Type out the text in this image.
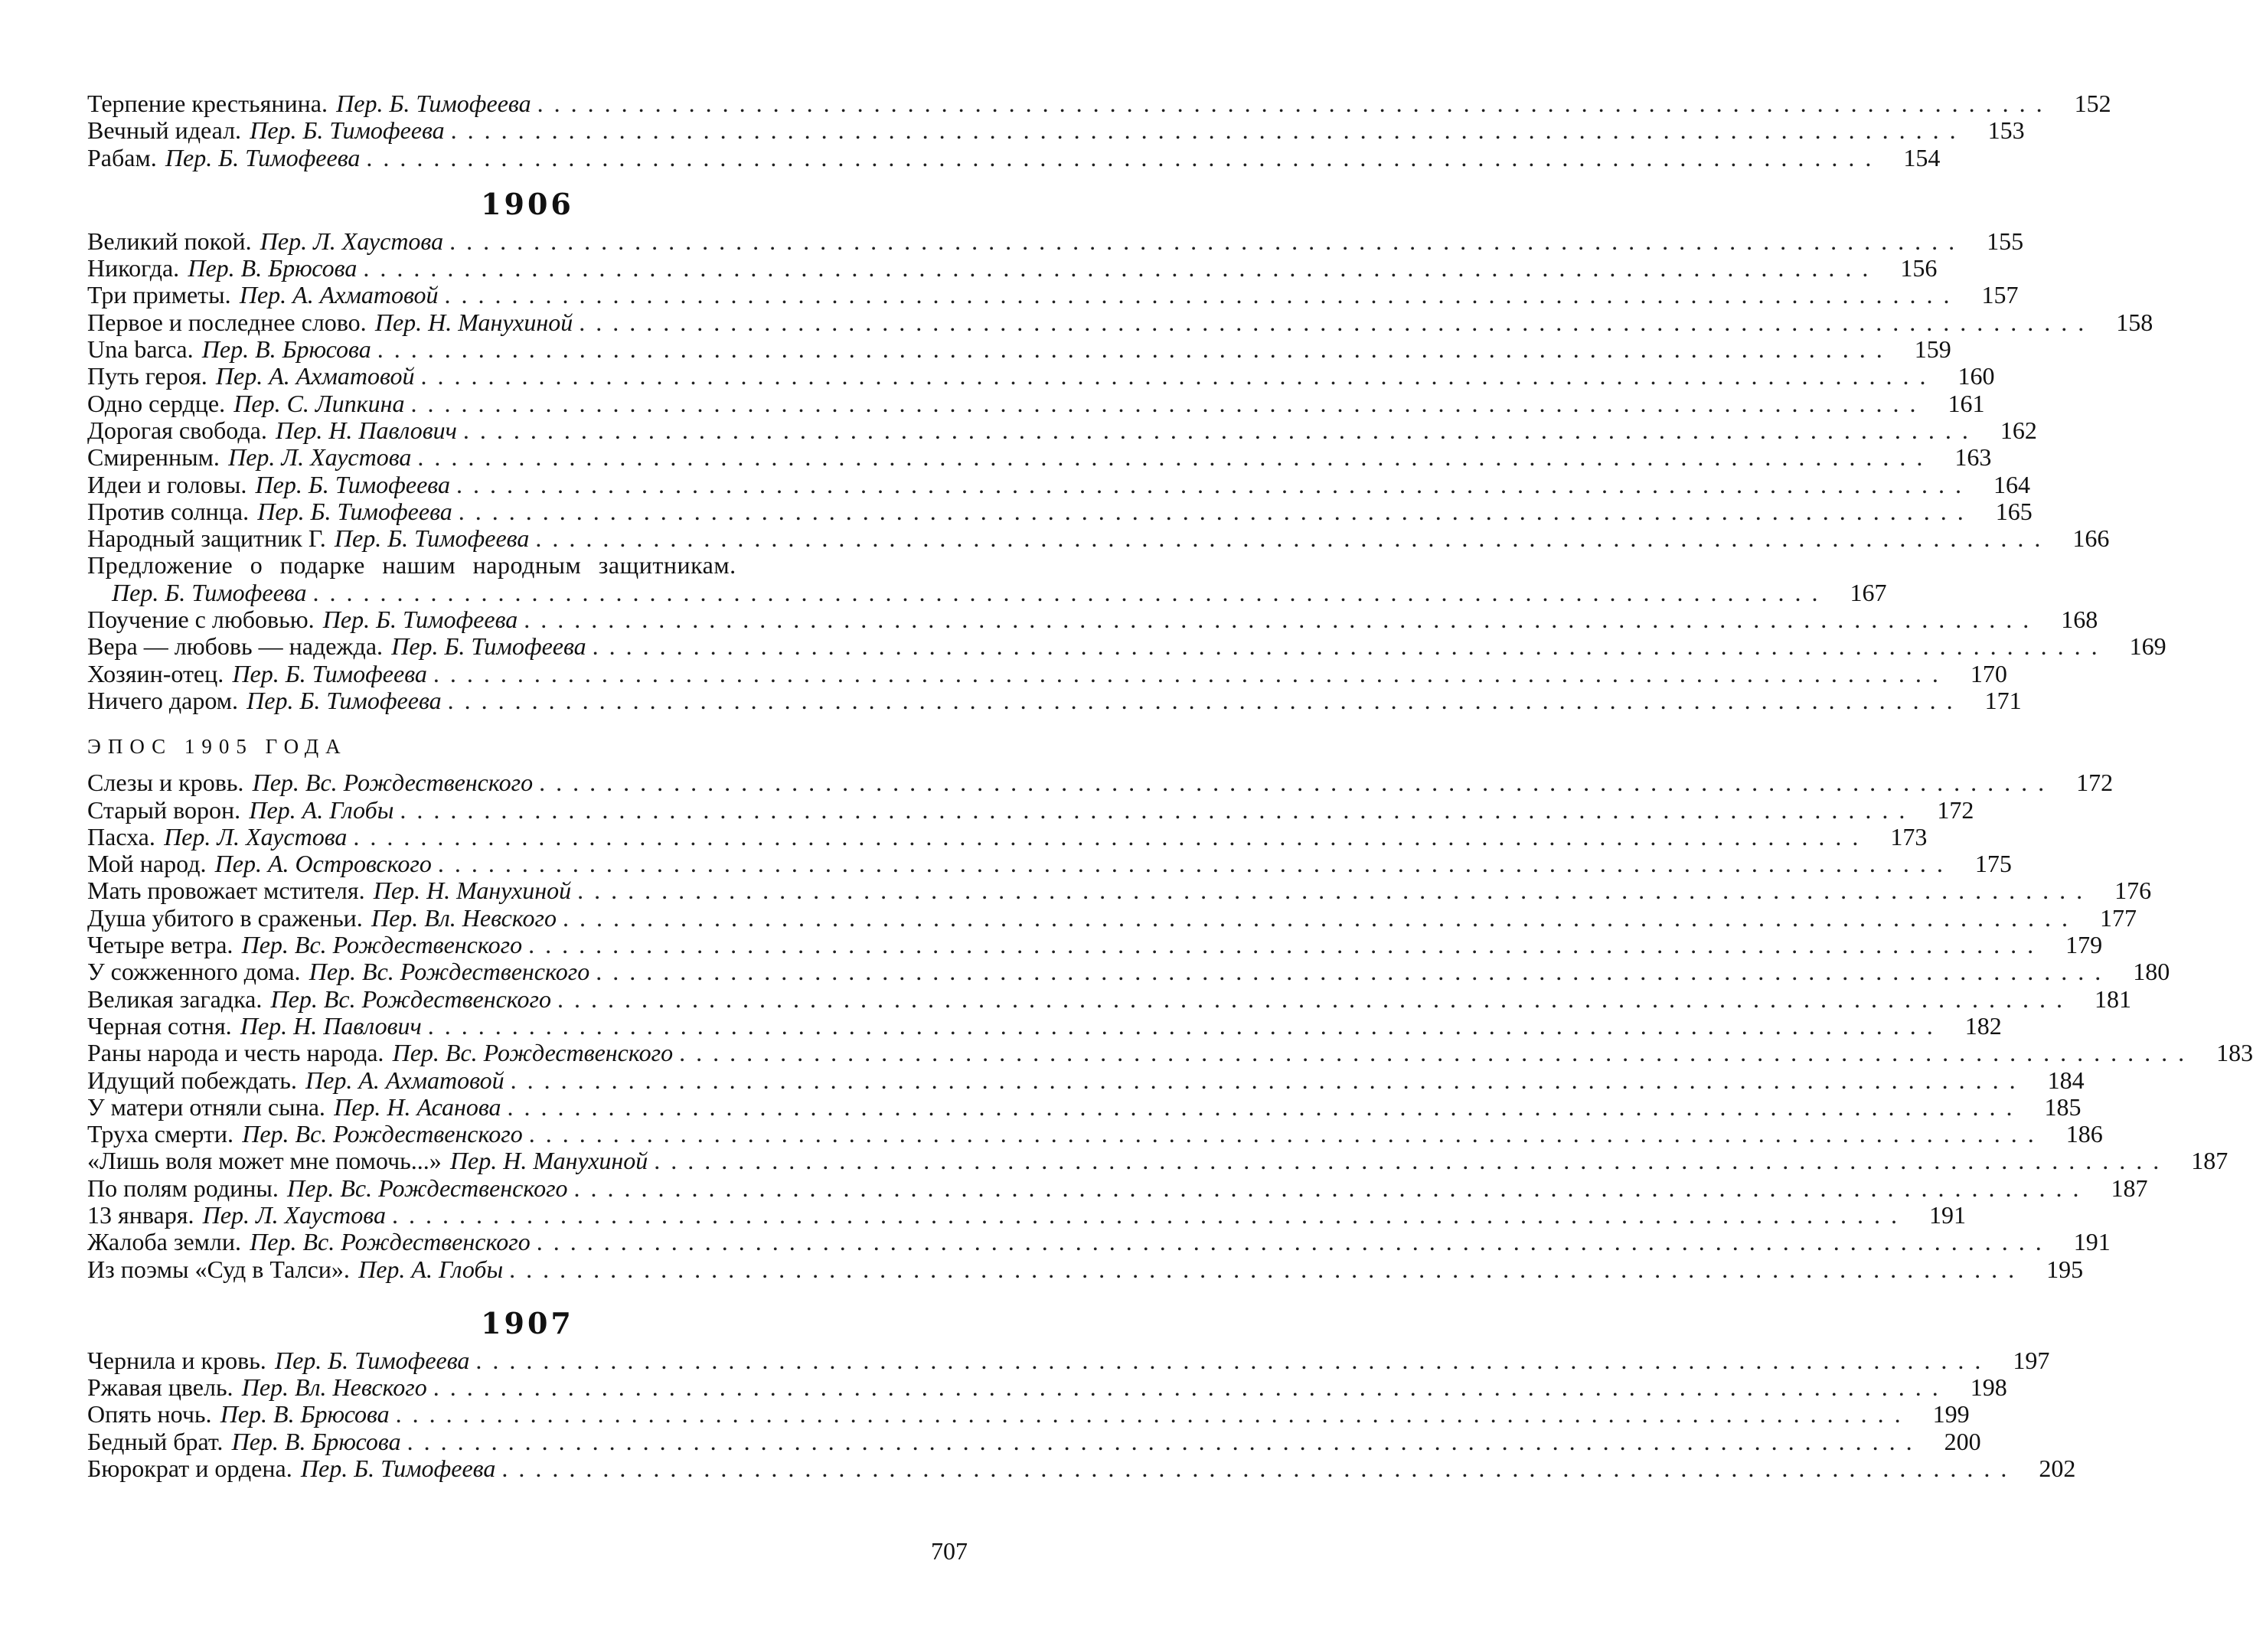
Терпение крестьянина. Пер. Б. Тимофеева .......................................................................................... 152
Вечный идеал. Пер. Б. Тимофеева .......................................................................................... 153
Рабам. Пер. Б. Тимофеева .......................................................................................... 154
1906
Великий покой. Пер. Л. Хаустова .......................................................................................... 155
Никогда. Пер. В. Брюсова .......................................................................................... 156
Три приметы. Пер. А. Ахматовой .......................................................................................... 157
Первое и последнее слово. Пер. Н. Манухиной .......................................................................................... 158
Una barca. Пер. В. Брюсова .......................................................................................... 159
Путь героя. Пер. А. Ахматовой .......................................................................................... 160
Одно сердце. Пер. С. Липкина .......................................................................................... 161
Дорогая свобода. Пер. Н. Павлович .......................................................................................... 162
Смиренным. Пер. Л. Хаустова .......................................................................................... 163
Идеи и головы. Пер. Б. Тимофеева .......................................................................................... 164
Против солнца. Пер. Б. Тимофеева .......................................................................................... 165
Народный защитник Г. Пер. Б. Тимофеева .......................................................................................... 166
Предложение о подарке нашим народным защитникам.
Пер. Б. Тимофеева .......................................................................................... 167
Поучение с любовью. Пер. Б. Тимофеева .......................................................................................... 168
Вера — любовь — надежда. Пер. Б. Тимофеева .......................................................................................... 169
Хозяин-отец. Пер. Б. Тимофеева .......................................................................................... 170
Ничего даром. Пер. Б. Тимофеева .......................................................................................... 171
ЭПОС 1905 ГОДА
Слезы и кровь. Пер. Вс. Рождественского .......................................................................................... 172
Старый ворон. Пер. А. Глобы .......................................................................................... 172
Пасха. Пер. Л. Хаустова .......................................................................................... 173
Мой народ. Пер. А. Островского .......................................................................................... 175
Мать провожает мстителя. Пер. Н. Манухиной .......................................................................................... 176
Душа убитого в сраженьи. Пер. Вл. Невского .......................................................................................... 177
Четыре ветра. Пер. Вс. Рождественского .......................................................................................... 179
У сожженного дома. Пер. Вс. Рождественского .......................................................................................... 180
Великая загадка. Пер. Вс. Рождественского .......................................................................................... 181
Черная сотня. Пер. Н. Павлович .......................................................................................... 182
Раны народа и честь народа. Пер. Вс. Рождественского .......................................................................................... 183
Идущий побеждать. Пер. А. Ахматовой .......................................................................................... 184
У матери отняли сына. Пер. Н. Асанова .......................................................................................... 185
Труха смерти. Пер. Вс. Рождественского .......................................................................................... 186
«Лишь воля может мне помочь...» Пер. Н. Манухиной .......................................................................................... 187
По полям родины. Пер. Вс. Рождественского .......................................................................................... 187
13 января. Пер. Л. Хаустова .......................................................................................... 191
Жалоба земли. Пер. Вс. Рождественского .......................................................................................... 191
Из поэмы «Суд в Талси». Пер. А. Глобы .......................................................................................... 195
1907
Чернила и кровь. Пер. Б. Тимофеева .......................................................................................... 197
Ржавая цвель. Пер. Вл. Невского .......................................................................................... 198
Опять ночь. Пер. В. Брюсова .......................................................................................... 199
Бедный брат. Пер. В. Брюсова .......................................................................................... 200
Бюрократ и ордена. Пер. Б. Тимофеева .......................................................................................... 202
707
